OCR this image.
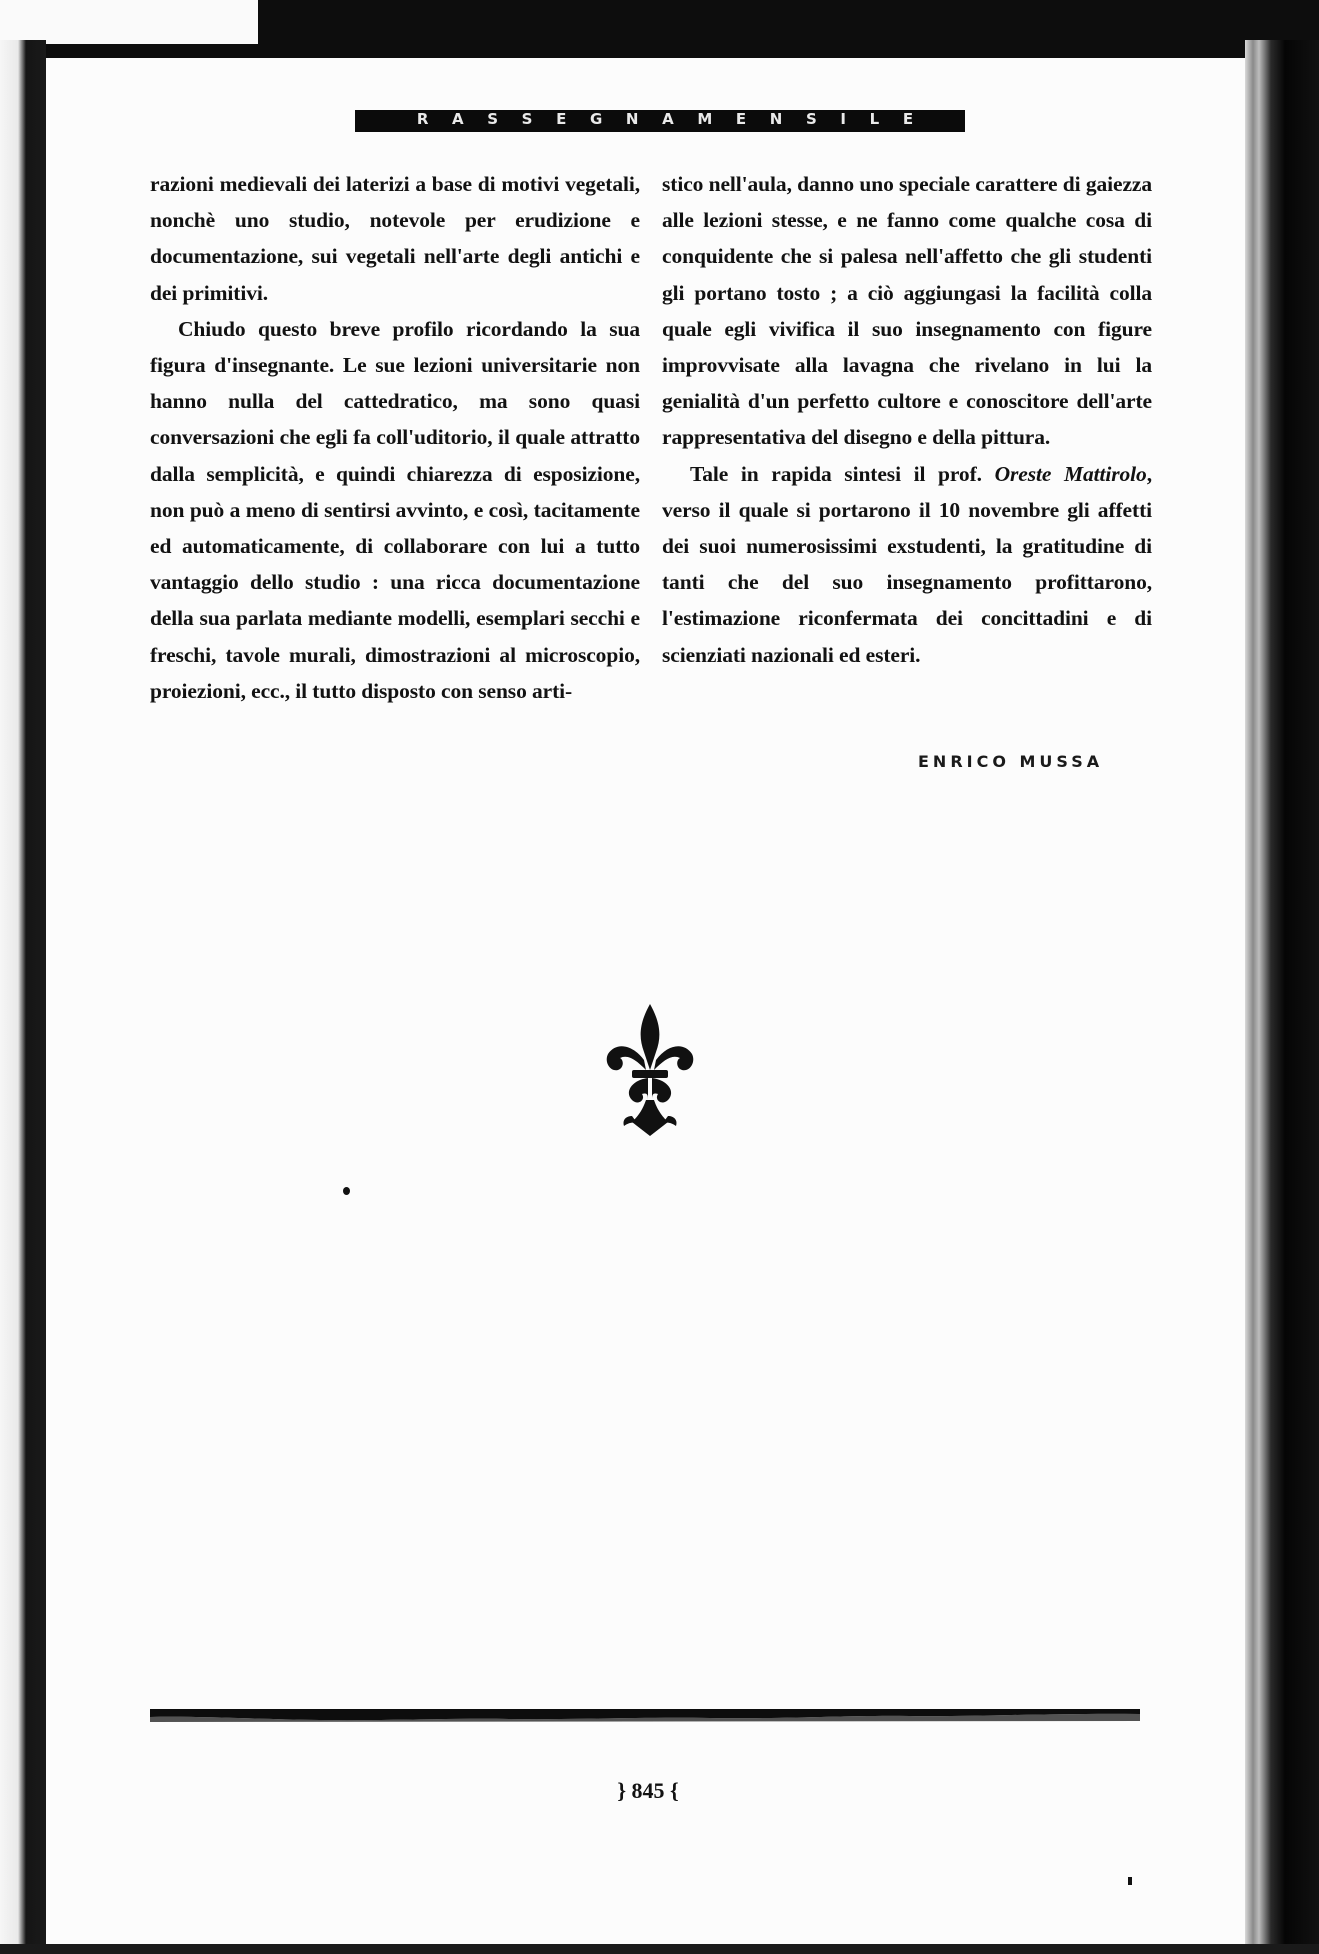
R A S S E G N A M E N S I L E

razioni medievali dei laterizi a base di motivi vegetali, nonchè uno studio, notevole per erudizione e documentazione, sui vegetali nell'arte degli antichi e dei primitivi.

Chiudo questo breve profilo ricordando la sua figura d'insegnante. Le sue lezioni universitarie non hanno nulla del cattedratico, ma sono quasi conversazioni che egli fa coll'uditorio, il quale attratto dalla semplicità, e quindi chiarezza di esposizione, non può a meno di sentirsi avvinto, e così, tacitamente ed automaticamente, di collaborare con lui a tutto vantaggio dello studio : una ricca documentazione della sua parlata mediante modelli, esemplari secchi e freschi, tavole murali, dimostrazioni al microscopio, proiezioni, ecc., il tutto disposto con senso arti-

stico nell'aula, danno uno speciale carattere di gaiezza alle lezioni stesse, e ne fanno come qualche cosa di conquidente che si palesa nell'affetto che gli studenti gli portano tosto ; a ciò aggiungasi la facilità colla quale egli vivifica il suo insegnamento con figure improvvisate alla lavagna che rivelano in lui la genialità d'un perfetto cultore e conoscitore dell'arte rappresentativa del disegno e della pittura.

Tale in rapida sintesi il prof. Oreste Mattirolo, verso il quale si portarono il 10 novembre gli affetti dei suoi numerosissimi exstudenti, la gratitudine di tanti che del suo insegnamento profittarono, l'estimazione riconfermata dei concittadini e di scienziati nazionali ed esteri.

ENRICO MUSSA
} 845 {
